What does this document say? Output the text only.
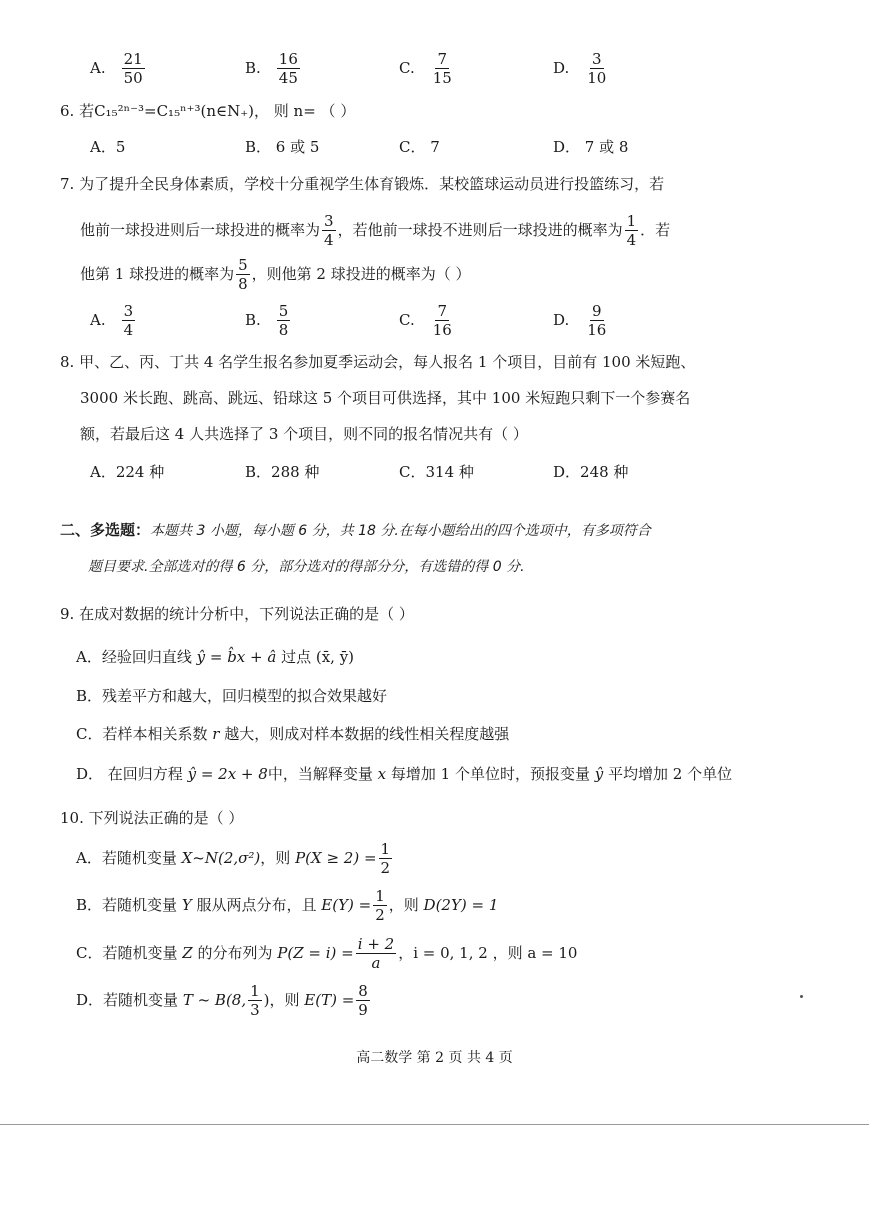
A. $\frac{21}{50}$	B. $\frac{16}{45}$	C. $\frac{7}{15}$	D. $\frac{3}{10}$
6. 若C₁₅²ⁿ⁻³=C₁₅ⁿ⁺³(n∈N₊)， 则 n= （ ）
A．5	B． 6 或 5	C． 7	D． 7 或 8
7. 为了提升全民身体素质，学校十分重视学生体育锻炼．某校篮球运动员进行投篮练习，若
他前一球投进则后一球投进的概率为 $\frac{3}{4}$ ，若他前一球投不进则后一球投进的概率为 $\frac{1}{4}$ ．若
他第 1 球投进的概率为 $\frac{5}{8}$ ，则他第 2 球投进的概率为（ ）
A. $\frac{3}{4}$	B. $\frac{5}{8}$	C. $\frac{7}{16}$	D. $\frac{9}{16}$
8. 甲、乙、丙、丁共 4 名学生报名参加夏季运动会，每人报名 1 个项目，目前有 100 米短跑、
3000 米长跑、跳高、跳远、铅球这 5 个项目可供选择，其中 100 米短跑只剩下一个参赛名
额，若最后这 4 人共选择了 3 个项目，则不同的报名情况共有（ ）
A．224 种	B．288 种	C．314 种	D．248 种
二、多选题：本题共 3 小题，每小题 6 分，共 18 分.在每小题给出的四个选项中，有多项符合
题目要求.全部选对的得 6 分，部分选对的得部分分，有选错的得 0 分.
9. 在成对数据的统计分析中，下列说法正确的是（ ）
A．经验回归直线 ŷ = b̂x + â 过点 (x̄, ȳ)
B．残差平方和越大，回归模型的拟合效果越好
C．若样本相关系数 r 越大，则成对样本数据的线性相关程度越强
D． 在回归方程 ŷ = 2x + 8中，当解释变量 x 每增加 1 个单位时，预报变量 ŷ 平均增加 2 个单位
10. 下列说法正确的是（ ）
A．若随机变量
X~N(2,σ²) ，则
$P(X \ge 2) = \frac{1}{2}$
B．若随机变量
Y
服从两点分布，且
$E(Y) = \frac{1}{2}$ ，则
D(2Y) = 1
C．若随机变量
Z
的分布列为
$P(Z = i) = \frac{i + 2}{a}$ ，i = 0, 1, 2 ，则 a = 10
D．若随机变量
T ~ B(8, $\frac{1}{3}$ )，则
$E(T) = \frac{8}{9}$
高二数学 第 2 页 共 4 页
